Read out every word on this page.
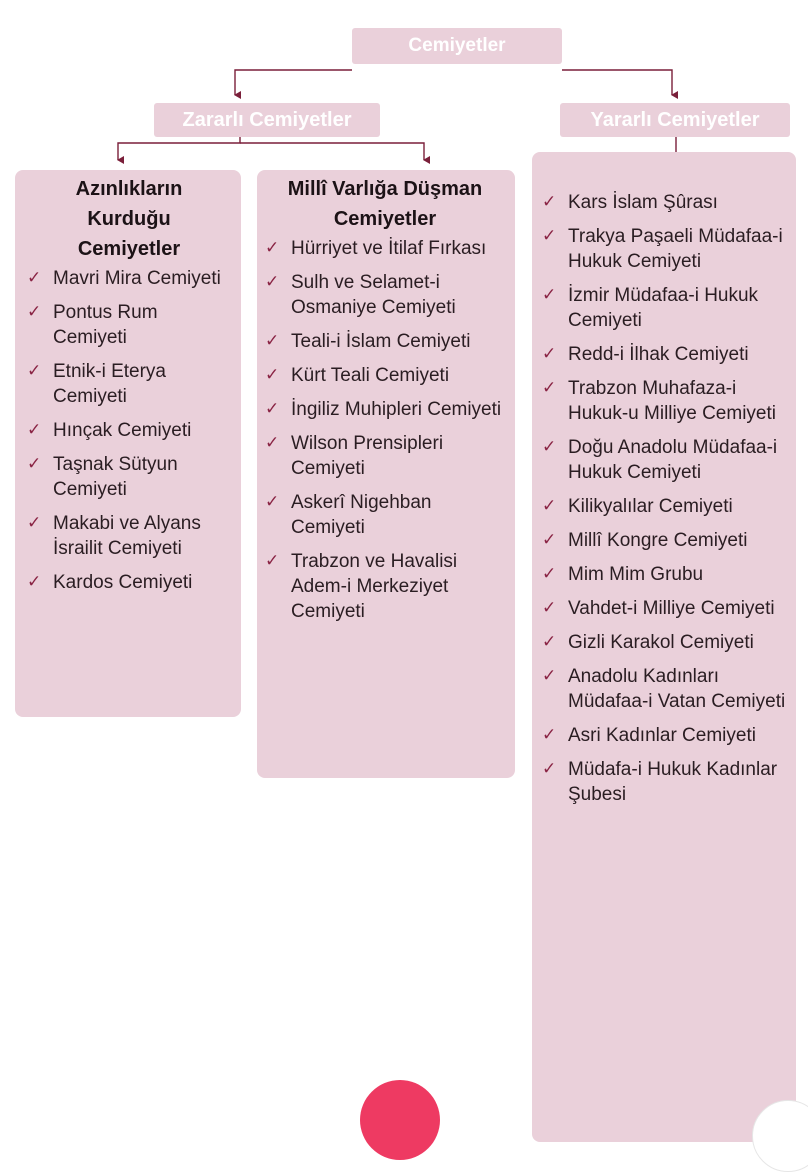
Cemiyetler
Zararlı Cemiyetler	Yararlı Cemiyetler
Azınlıkların Kurduğu Cemiyetler
✓ Mavri Mira Cemiyeti
✓ Pontus Rum Cemiyeti
✓ Etnik-i Eterya Cemiyeti
✓ Hınçak Cemiyeti
✓ Taşnak Sütyun Cemiyeti
✓ Makabi ve Alyans İsrailit Cemiyeti
✓ Kardos Cemiyeti
Millî Varlığa Düşman Cemiyetler
✓ Hürriyet ve İtilaf Fırkası
✓ Sulh ve Selamet-i Osmaniye Cemiyeti
✓ Teali-i İslam Cemiyeti
✓ Kürt Teali Cemiyeti
✓ İngiliz Muhipleri Cemiyeti
✓ Wilson Prensipleri Cemiyeti
✓ Askerî Nigehban Cemiyeti
✓ Trabzon ve Havalisi Adem-i Merkeziyet Cemiyeti
✓ Kars İslam Şûrası
✓ Trakya Paşaeli Müdafaa-i Hukuk Cemiyeti
✓ İzmir Müdafaa-i Hukuk Cemiyeti
✓ Redd-i İlhak Cemiyeti
✓ Trabzon Muhafaza-i Hukuk-u Milliye Cemiyeti
✓ Doğu Anadolu Müdafaa-i Hukuk Cemiyeti
✓ Kilikyalılar Cemiyeti
✓ Millî Kongre Cemiyeti
✓ Mim Mim Grubu
✓ Vahdet-i Milliye Cemiyeti
✓ Gizli Karakol Cemiyeti
✓ Anadolu Kadınları Müdafaa-i Vatan Cemiyeti
✓ Asri Kadınlar Cemiyeti
✓ Müdafa-i Hukuk Kadınlar Şubesi
